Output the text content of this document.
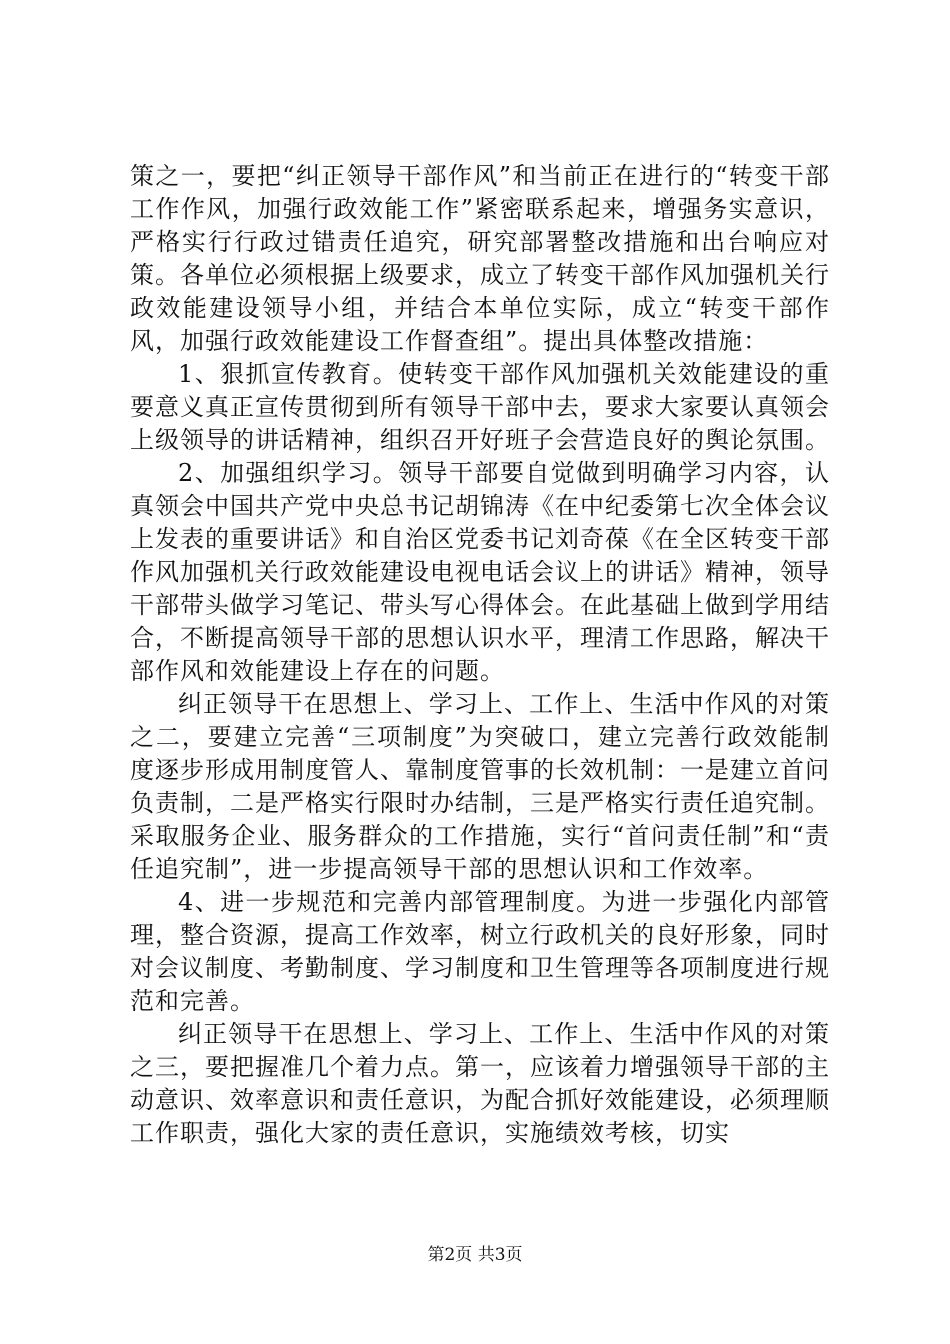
策之一，要把“纠正领导干部作风”和当前正在进行的“转变干部工作作风，加强行政效能工作”紧密联系起来，增强务实意识，严格实行行政过错责任追究，研究部署整改措施和出台响应对策。各单位必须根据上级要求，成立了转变干部作风加强机关行政效能建设领导小组，并结合本单位实际，成立“转变干部作风，加强行政效能建设工作督查组”。提出具体整改措施：

1、狠抓宣传教育。使转变干部作风加强机关效能建设的重要意义真正宣传贯彻到所有领导干部中去，要求大家要认真领会上级领导的讲话精神，组织召开好班子会营造良好的舆论氛围。

2、加强组织学习。领导干部要自觉做到明确学习内容，认真领会中国共产党中央总书记胡锦涛《在中纪委第七次全体会议上发表的重要讲话》和自治区党委书记刘奇葆《在全区转变干部作风加强机关行政效能建设电视电话会议上的讲话》精神，领导干部带头做学习笔记、带头写心得体会。在此基础上做到学用结合，不断提高领导干部的思想认识水平，理清工作思路，解决干部作风和效能建设上存在的问题。

纠正领导干在思想上、学习上、工作上、生活中作风的对策之二，要建立完善“三项制度”为突破口，建立完善行政效能制度逐步形成用制度管人、靠制度管事的长效机制：一是建立首问负责制，二是严格实行限时办结制，三是严格实行责任追究制。采取服务企业、服务群众的工作措施，实行“首问责任制”和“责任追究制”，进一步提高领导干部的思想认识和工作效率。

4、进一步规范和完善内部管理制度。为进一步强化内部管理，整合资源，提高工作效率，树立行政机关的良好形象，同时对会议制度、考勤制度、学习制度和卫生管理等各项制度进行规范和完善。

纠正领导干在思想上、学习上、工作上、生活中作风的对策之三，要把握准几个着力点。第一，应该着力增强领导干部的主动意识、效率意识和责任意识，为配合抓好效能建设，必须理顺工作职责，强化大家的责任意识，实施绩效考核，切实

第2页 共3页
